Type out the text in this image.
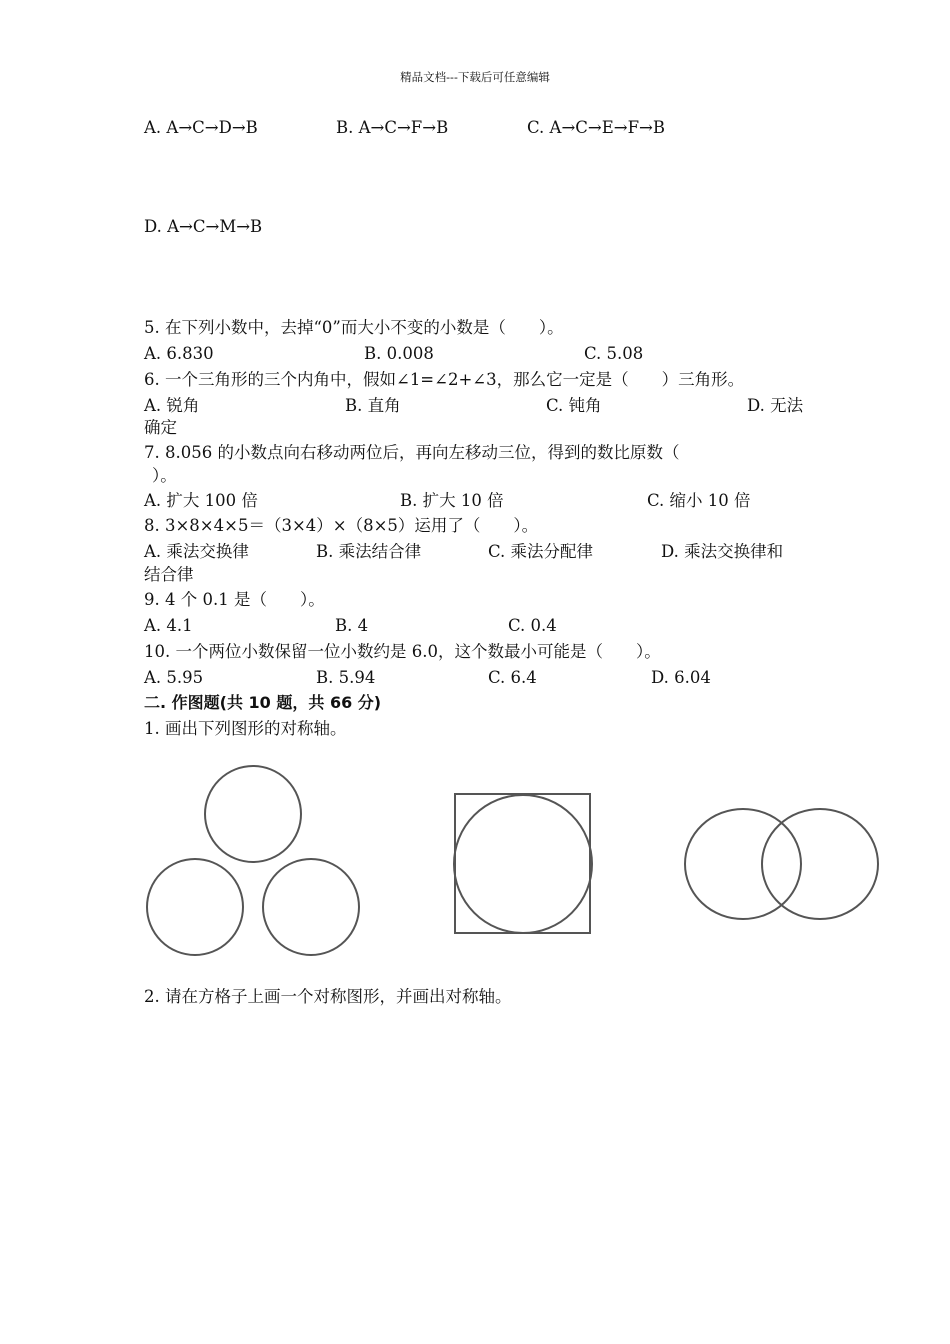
精品文档---下载后可任意编辑
A. A→C→D→B	B. A→C→F→B	C. A→C→E→F→B
D. A→C→M→B
5. 在下列小数中，去掉“0”而大小不变的小数是（　　）。
A. 6.830	B. 0.008	C. 5.08
6. 一个三角形的三个内角中，假如∠1=∠2+∠3，那么它一定是（　　）三角形。
A. 锐角	B. 直角	C. 钝角	D. 无法
确定
7. 8.056 的小数点向右移动两位后，再向左移动三位，得到的数比原数（
）。
A. 扩大 100 倍	B. 扩大 10 倍	C. 缩小 10 倍
8. 3×8×4×5＝（3×4）×（8×5）运用了（　　）。
A. 乘法交换律	B. 乘法结合律	C. 乘法分配律	D. 乘法交换律和
结合律
9. 4 个 0.1 是（　　）。
A. 4.1	B. 4	C. 0.4
10. 一个两位小数保留一位小数约是 6.0，这个数最小可能是（　　）。
A. 5.95	B. 5.94	C. 6.4	D. 6.04
二. 作图题(共 10 题，共 66 分)
1. 画出下列图形的对称轴。
2. 请在方格子上画一个对称图形，并画出对称轴。
